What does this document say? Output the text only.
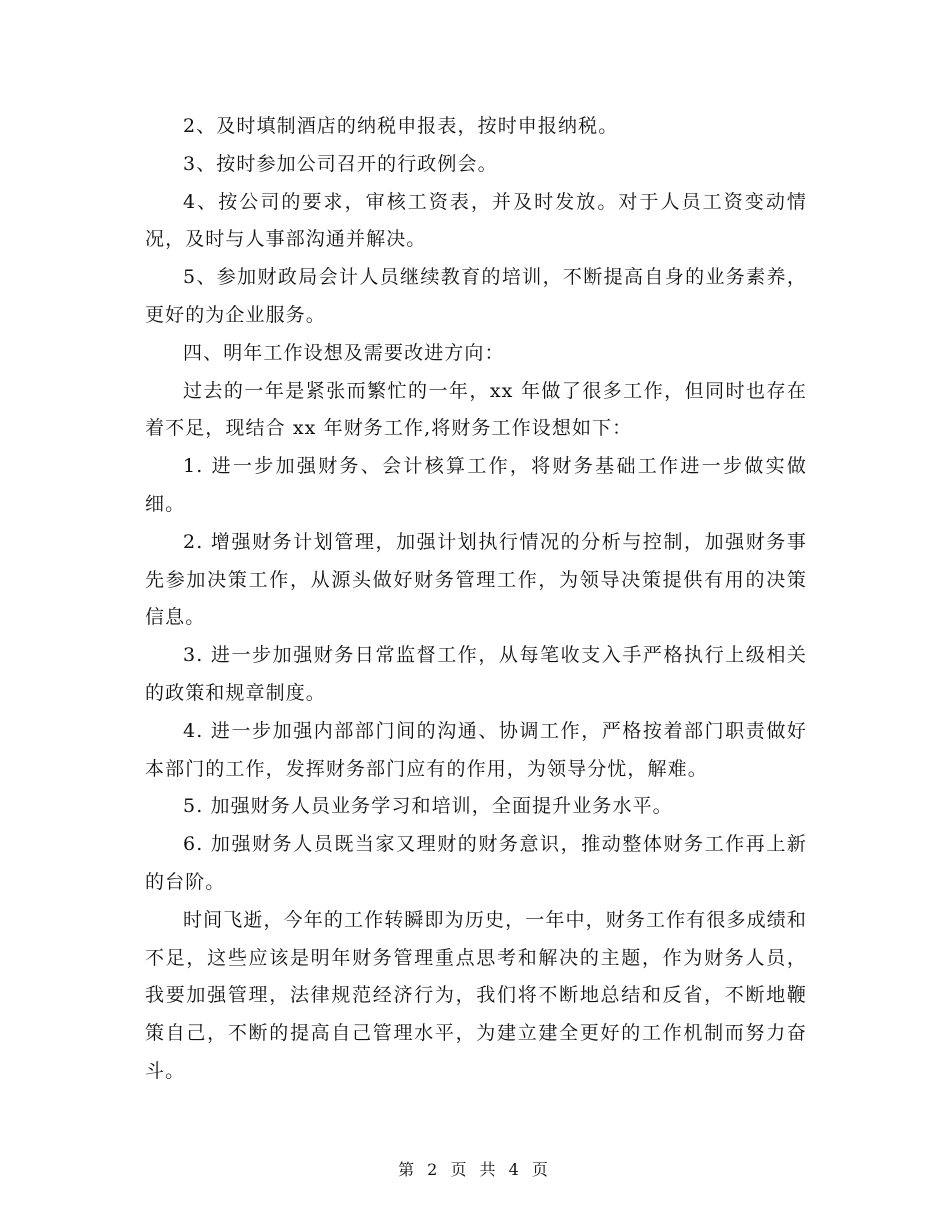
2、及时填制酒店的纳税申报表，按时申报纳税。

3、按时参加公司召开的行政例会。

4、按公司的要求，审核工资表，并及时发放。对于人员工资变动情况，及时与人事部沟通并解决。

5、参加财政局会计人员继续教育的培训，不断提高自身的业务素养，更好的为企业服务。

四、明年工作设想及需要改进方向：

过去的一年是紧张而繁忙的一年，xx 年做了很多工作，但同时也存在着不足，现结合 xx 年财务工作,将财务工作设想如下：

1. 进一步加强财务、会计核算工作，将财务基础工作进一步做实做细。

2. 增强财务计划管理，加强计划执行情况的分析与控制，加强财务事先参加决策工作，从源头做好财务管理工作，为领导决策提供有用的决策信息。

3. 进一步加强财务日常监督工作，从每笔收支入手严格执行上级相关的政策和规章制度。

4. 进一步加强内部部门间的沟通、协调工作，严格按着部门职责做好本部门的工作，发挥财务部门应有的作用，为领导分忧，解难。

5. 加强财务人员业务学习和培训，全面提升业务水平。

6. 加强财务人员既当家又理财的财务意识，推动整体财务工作再上新的台阶。

时间飞逝，今年的工作转瞬即为历史，一年中，财务工作有很多成绩和不足，这些应该是明年财务管理重点思考和解决的主题，作为财务人员，我要加强管理，法律规范经济行为，我们将不断地总结和反省，不断地鞭策自己，不断的提高自己管理水平，为建立建全更好的工作机制而努力奋斗。

第 2 页 共 4 页
